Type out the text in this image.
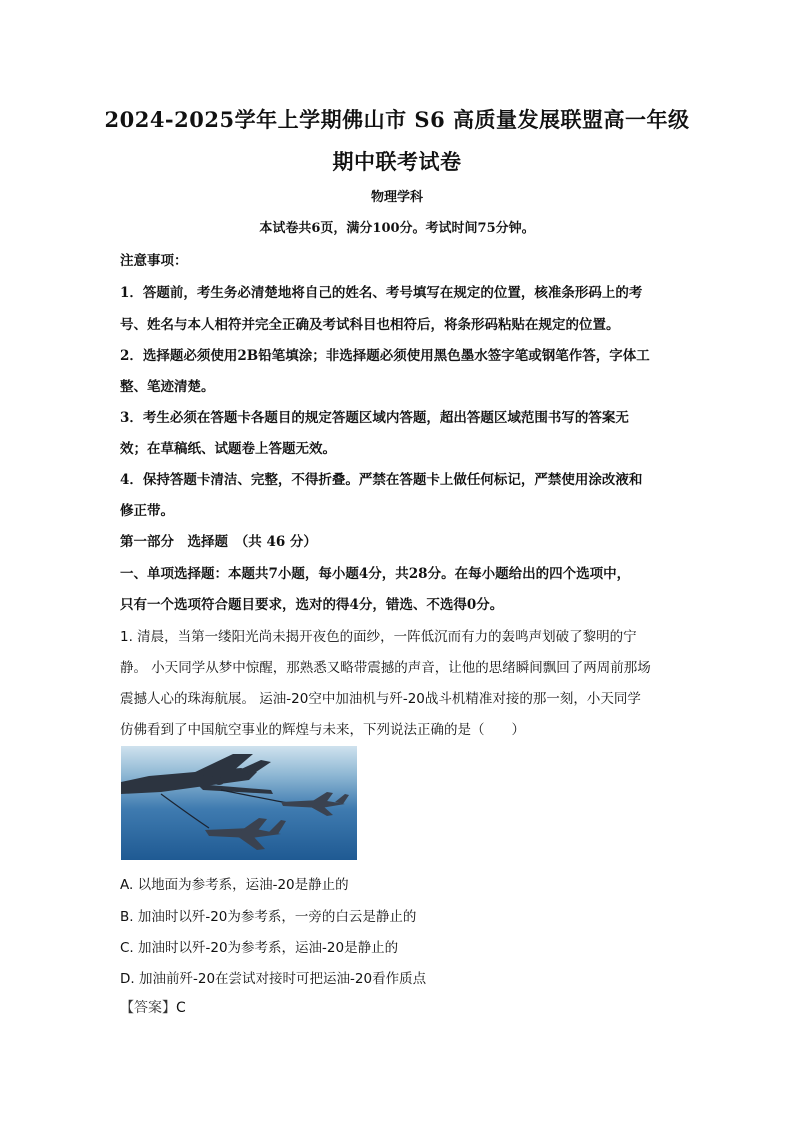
2024-2025学年上学期佛山市 S6 高质量发展联盟高一年级
期中联考试卷
物理学科
本试卷共6页，满分100分。考试时间75分钟。
注意事项：
1．答题前，考生务必清楚地将自己的姓名、考号填写在规定的位置，核准条形码上的考
号、姓名与本人相符并完全正确及考试科目也相符后，将条形码粘贴在规定的位置。
2．选择题必须使用2B铅笔填涂；非选择题必须使用黑色墨水签字笔或钢笔作答，字体工
整、笔迹清楚。
3．考生必须在答题卡各题目的规定答题区域内答题，超出答题区域范围书写的答案无
效；在草稿纸、试题卷上答题无效。
4．保持答题卡清洁、完整，不得折叠。严禁在答题卡上做任何标记，严禁使用涂改液和
修正带。
第一部分　选择题　（共 46 分）
一、单项选择题：本题共7小题，每小题4分，共28分。在每小题给出的四个选项中，
只有一个选项符合题目要求，选对的得4分，错选、不选得0分。
1. 清晨，当第一缕阳光尚未揭开夜色的面纱，一阵低沉而有力的轰鸣声划破了黎明的宁
静。 小天同学从梦中惊醒，那熟悉又略带震撼的声音，让他的思绪瞬间飘回了两周前那场
震撼人心的珠海航展。 运油-20空中加油机与歼-20战斗机精准对接的那一刻，小天同学
仿佛看到了中国航空事业的辉煌与未来，下列说法正确的是（　　）
A. 以地面为参考系，运油-20是静止的
B. 加油时以歼-20为参考系，一旁的白云是静止的
C. 加油时以歼-20为参考系，运油-20是静止的
D. 加油前歼-20在尝试对接时可把运油-20看作质点
【答案】C
